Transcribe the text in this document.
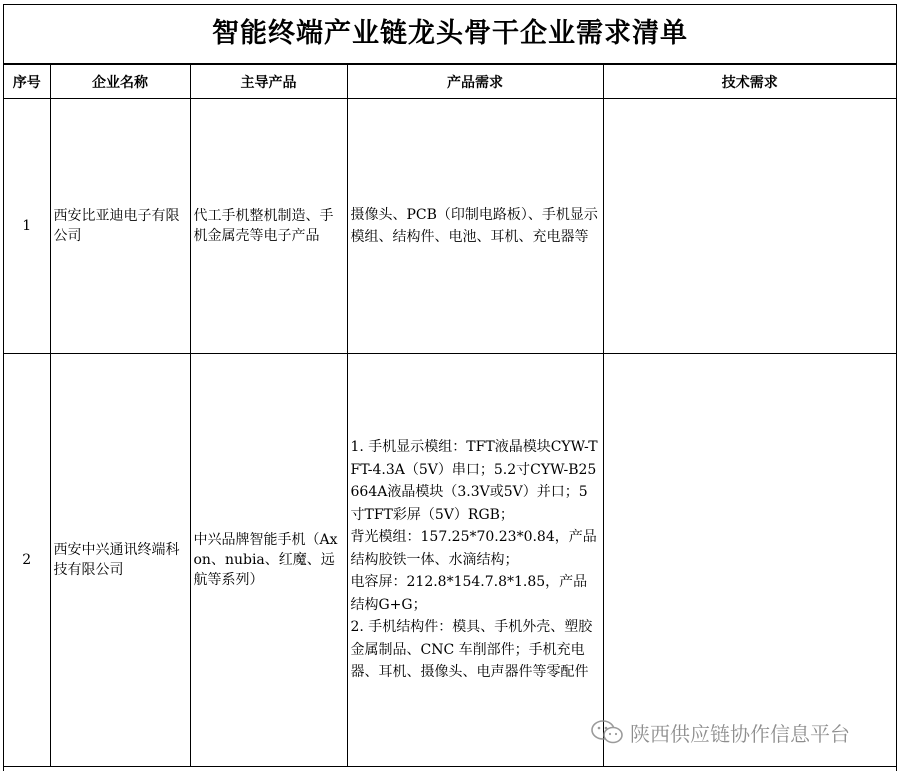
智能终端产业链龙头骨干企业需求清单
序号	企业名称	主导产品	产品需求	技术需求
1	西安比亚迪电子有限公司	代工手机整机制造、手机金属壳等电子产品	摄像头、PCB（印制电路板）、手机显示模组、结构件、电池、耳机、充电器等	

2	西安中兴通讯终端科技有限公司	中兴品牌智能手机（Axon、nubia、红魔、远航等系列）	1. 手机显示模组：TFT液晶模块CYW-TFT-4.3A（5V）串口；5.2寸CYW-B25664A液晶模块（3.3V或5V）并口；5寸TFT彩屏（5V）RGB；
背光模组：157.25*70.23*0.84，产品结构胶铁一体、水滴结构；
电容屏：212.8*154.7.8*1.85，产品结构G+G；
2. 手机结构件：模具、手机外壳、塑胶金属制品、CNC 车削部件；手机充电器、耳机、摄像头、电声器件等零配件	

陕西供应链协作信息平台
